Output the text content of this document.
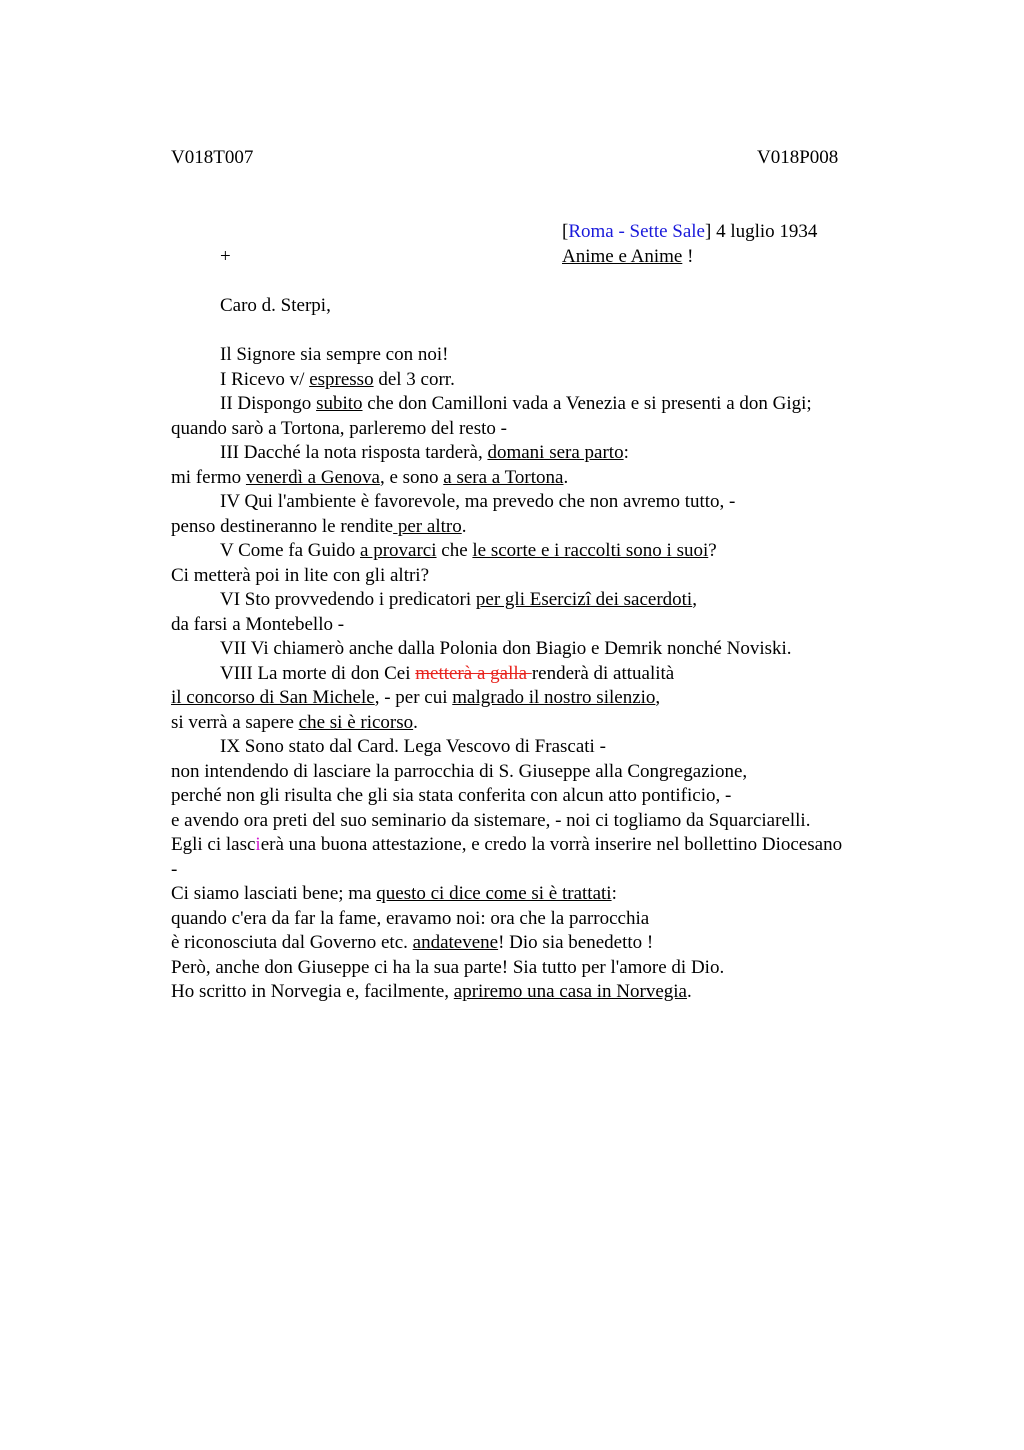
V018T007	V018P008
[Roma - Sette Sale] 4 luglio 1934
+	Anime e Anime !
Caro d. Sterpi,
Il Signore sia sempre con noi!
I Ricevo v/ espresso del 3 corr.
II Dispongo subito che don Camilloni vada a Venezia e si presenti a don Gigi;
quando sarò a Tortona, parleremo del resto -
III Dacché la nota risposta tarderà, domani sera parto:
mi fermo venerdì a Genova, e sono a sera a Tortona.
IV Qui l'ambiente è favorevole, ma prevedo che non avremo tutto, -
penso destineranno le rendite per altro.
V Come fa Guido a provarci che le scorte e i raccolti sono i suoi?
Ci metterà poi in lite con gli altri?
VI Sto provvedendo i predicatori per gli Esercizi dei sacerdoti,
da farsi a Montebello -
VII Vi chiamerò anche dalla Polonia don Biagio e Demrik nonché Noviski.
VIII La morte di don Cei metterà a galla renderà di attualità
il concorso di San Michele, - per cui malgrado il nostro silenzio,
si verrà a sapere che si è ricorso.
IX Sono stato dal Card. Lega Vescovo di Frascati -
non intendendo di lasciare la parrocchia di S. Giuseppe alla Congregazione,
perché non gli risulta che gli sia stata conferita con alcun atto pontificio, -
e avendo ora preti del suo seminario da sistemare, - noi ci togliamo da Squarciarelli.
Egli ci lascierà una buona attestazione, e credo la vorrà inserire nel bollettino Diocesano
-
Ci siamo lasciati bene; ma questo ci dice come si è trattati:
quando c'era da far la fame, eravamo noi: ora che la parrocchia
è riconosciuta dal Governo etc. andatevene! Dio sia benedetto !
Però, anche don Giuseppe ci ha la sua parte! Sia tutto per l'amore di Dio.
Ho scritto in Norvegia e, facilmente, apriremo una casa in Norvegia.
